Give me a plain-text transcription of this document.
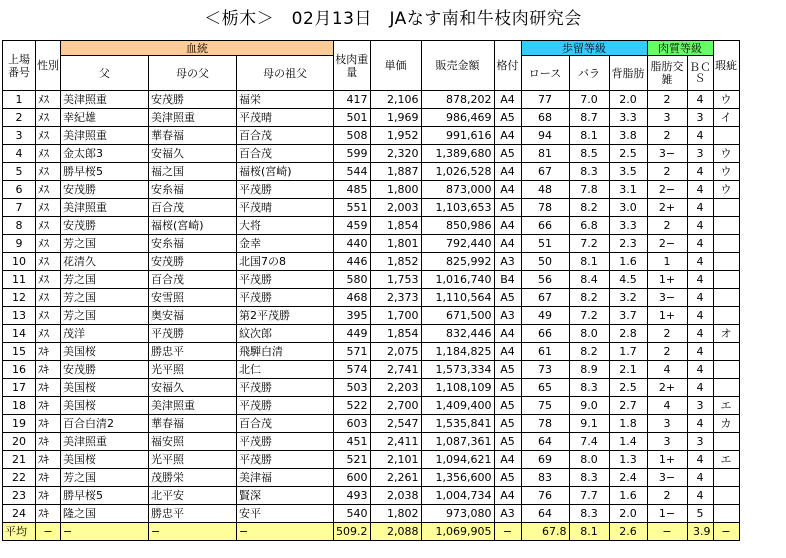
＜栃木＞　02月13日　JAなす南和牛枝肉研究会
上場番号	性別	血統			枝肉重量	単価	販売金額	格付	歩留等級			肉質等級		瑕疵
		父	母の父	母の祖父					ロース	バラ	背脂肪	脂肪交雑	ＢＣＳ	
1	ﾒｽ	美津照重	安茂勝	福栄	417	2,106	878,202	A4	77	7.0	2.0	2	4	ウ
2	ﾒｽ	幸紀雄	美津照重	平茂晴	501	1,969	986,469	A5	68	8.7	3.3	3	3	イ
3	ﾒｽ	美津照重	華春福	百合茂	508	1,952	991,616	A4	94	8.1	3.8	2	4	
4	ﾒｽ	金太郎3	安福久	百合茂	599	2,320	1,389,680	A5	81	8.5	2.5	3−	3	ウ
5	ﾒｽ	勝早桜5	福之国	福桜(宮崎)	544	1,887	1,026,528	A4	67	8.3	3.5	2	4	ウ
6	ﾒｽ	安茂勝	安糸福	平茂勝	485	1,800	873,000	A4	48	7.8	3.1	2−	4	ウ
7	ﾒｽ	美津照重	百合茂	平茂晴	551	2,003	1,103,653	A5	78	8.2	3.0	2+	4	
8	ﾒｽ	安茂勝	福桜(宮崎)	大将	459	1,854	850,986	A4	66	6.8	3.3	2	4	
9	ﾒｽ	芳之国	安糸福	金幸	440	1,801	792,440	A4	51	7.2	2.3	2−	4	
10	ﾒｽ	花清久	安茂勝	北国7の8	446	1,852	825,992	A3	50	8.1	1.6	1	4	
11	ﾒｽ	芳之国	百合茂	平茂勝	580	1,753	1,016,740	B4	56	8.4	4.5	1+	4	
12	ﾒｽ	芳之国	安雪照	平茂勝	468	2,373	1,110,564	A5	67	8.2	3.2	3−	4	
13	ﾒｽ	芳之国	奥安福	第2平茂勝	395	1,700	671,500	A3	49	7.2	3.7	1+	4	
14	ﾒｽ	茂洋	平茂勝	紋次郎	449	1,854	832,446	A4	66	8.0	2.8	2	4	オ
15	ｽｷ	美国桜	勝忠平	飛騨白清	571	2,075	1,184,825	A4	61	8.2	1.7	2	4	
16	ｽｷ	安茂勝	光平照	北仁	574	2,741	1,573,334	A5	73	8.9	2.1	4	4	
17	ｽｷ	美国桜	安福久	平茂勝	503	2,203	1,108,109	A5	65	8.3	2.5	2+	4	
18	ｽｷ	美国桜	美津照重	平茂勝	522	2,700	1,409,400	A5	75	9.0	2.7	4	3	エ
19	ｽｷ	百合白清2	華春福	百合茂	603	2,547	1,535,841	A5	78	9.1	1.8	3	4	カ
20	ｽｷ	美津照重	福安照	平茂勝	451	2,411	1,087,361	A5	64	7.4	1.4	3	3	
21	ｽｷ	美国桜	光平照	平茂勝	521	2,101	1,094,621	A4	69	8.0	1.3	1+	4	エ
22	ｽｷ	芳之国	茂勝栄	美津福	600	2,261	1,356,600	A5	83	8.3	2.4	3−	4	
23	ｽｷ	勝早桜5	北平安	賢深	493	2,038	1,004,734	A4	76	7.7	1.6	2	4	
24	ｽｷ	隆之国	勝忠平	安平	540	1,802	973,080	A3	64	8.3	2.0	1−	5	
平均	−	−	−	−	509.2	2,088	1,069,905	−	67.8	8.1	2.6	−	3.9	−
